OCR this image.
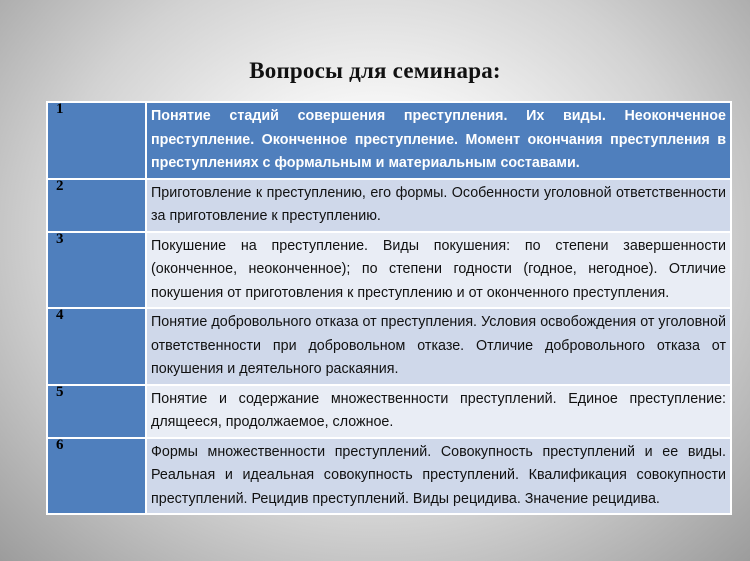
Вопросы для семинара:
1	Понятие стадий совершения преступления. Их виды. Неоконченное преступление. Оконченное преступление. Момент окончания преступления в преступлениях с формальным и материальным составами.

2	Приготовление к преступлению, его формы. Особенности уголовной ответственности за приготовление к преступлению.

3	Покушение на преступление. Виды покушения: по степени завершенности (оконченное, неоконченное); по степени годности (годное, негодное). Отличие покушения от приготовления к преступлению и от оконченного преступления.

4	Понятие добровольного отказа от преступления. Условия освобождения от уголовной ответственности при добровольном отказе. Отличие добровольного отказа от покушения и деятельного раскаяния.

5	Понятие и содержание множественности преступлений. Единое преступление: длящееся, продолжаемое, сложное.

6	Формы множественности преступлений. Совокупность преступлений и ее виды. Реальная и идеальная совокупность преступлений. Квалификация совокупности преступлений. Рецидив преступлений. Виды рецидива. Значение рецидива.
